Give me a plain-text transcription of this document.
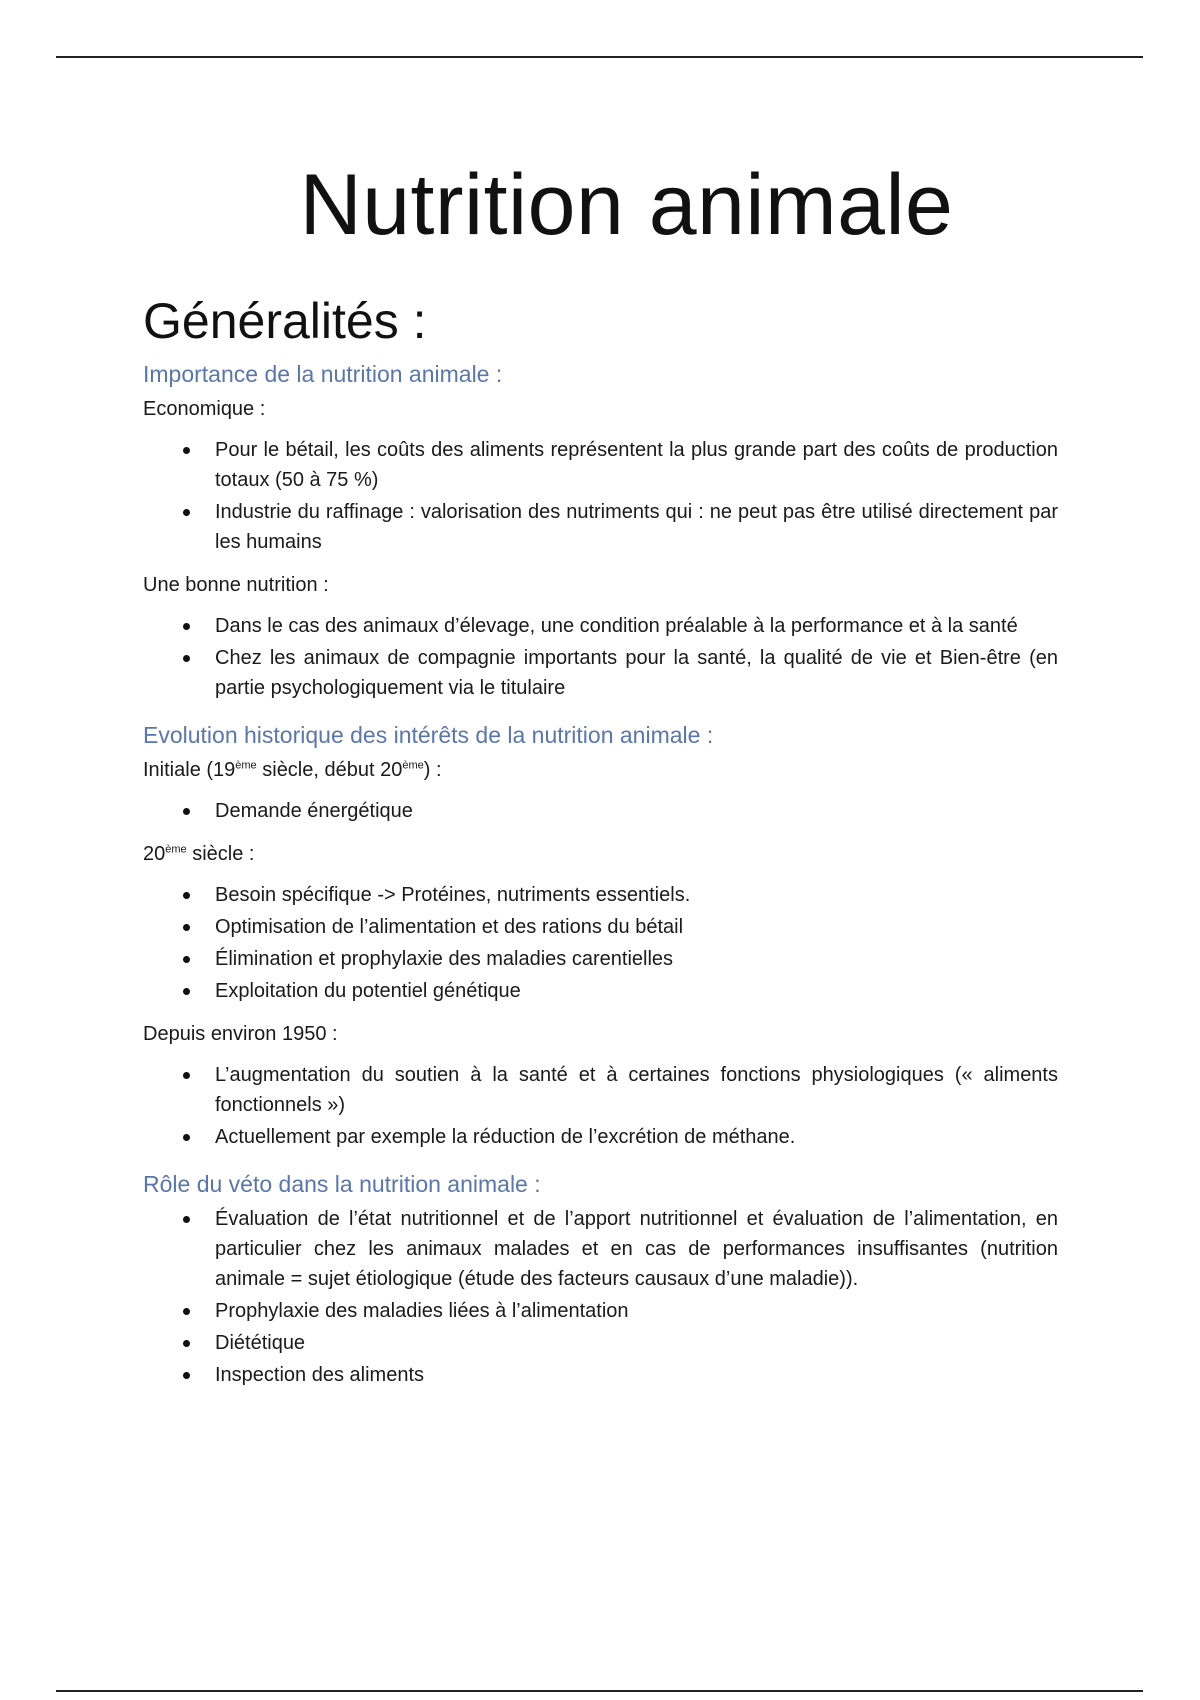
Nutrition animale
Généralités :
Importance de la nutrition animale :
Economique :
Pour le bétail, les coûts des aliments représentent la plus grande part des coûts de production totaux (50 à 75 %)
Industrie du raffinage : valorisation des nutriments qui : ne peut pas être utilisé directement par les humains
Une bonne nutrition :
Dans le cas des animaux d’élevage, une condition préalable à la performance et à la santé
Chez les animaux de compagnie importants pour la santé, la qualité de vie et Bien-être (en partie psychologiquement via le titulaire
Evolution historique des intérêts de la nutrition animale :
Initiale (19ème siècle, début 20ème) :
Demande énergétique
20ème siècle :
Besoin spécifique -> Protéines, nutriments essentiels.
Optimisation de l’alimentation et des rations du bétail
Élimination et prophylaxie des maladies carentielles
Exploitation du potentiel génétique
Depuis environ 1950 :
L’augmentation du soutien à la santé et à certaines fonctions physiologiques (« aliments fonctionnels »)
Actuellement par exemple la réduction de l’excrétion de méthane.
Rôle du véto dans la nutrition animale :
Évaluation de l’état nutritionnel et de l’apport nutritionnel et évaluation de l’alimentation, en particulier chez les animaux malades et en cas de performances insuffisantes (nutrition animale = sujet étiologique (étude des facteurs causaux d’une maladie)).
Prophylaxie des maladies liées à l’alimentation
Diététique
Inspection des aliments
